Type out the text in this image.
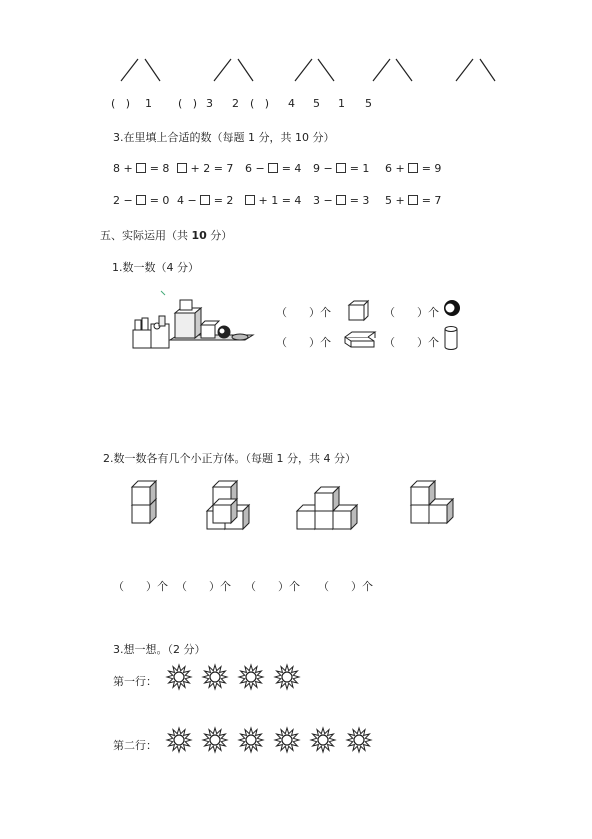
( ) 1 ( ) 3 2 ( ) 4 5 1 5
3.在里填上合适的数（每题 1 分，共 10 分）
8 +  = 8	+ 2 = 7 6 −  = 4 9 −  = 1 6 +  = 9
2 −  = 0 4 −  = 2	+ 1 = 4 3 −  = 3 5 +  = 7
五、实际运用（共 10 分）
1.数一数（4 分）
（　　）个	（　　）个
（　　）个	（　　）个
2.数一数各有几个小正方体。（每题 1 分，共 4 分）
（　　）个 （　　）个 （　　）个 （　　）个
3.想一想。（2 分）
第一行：
第二行：
